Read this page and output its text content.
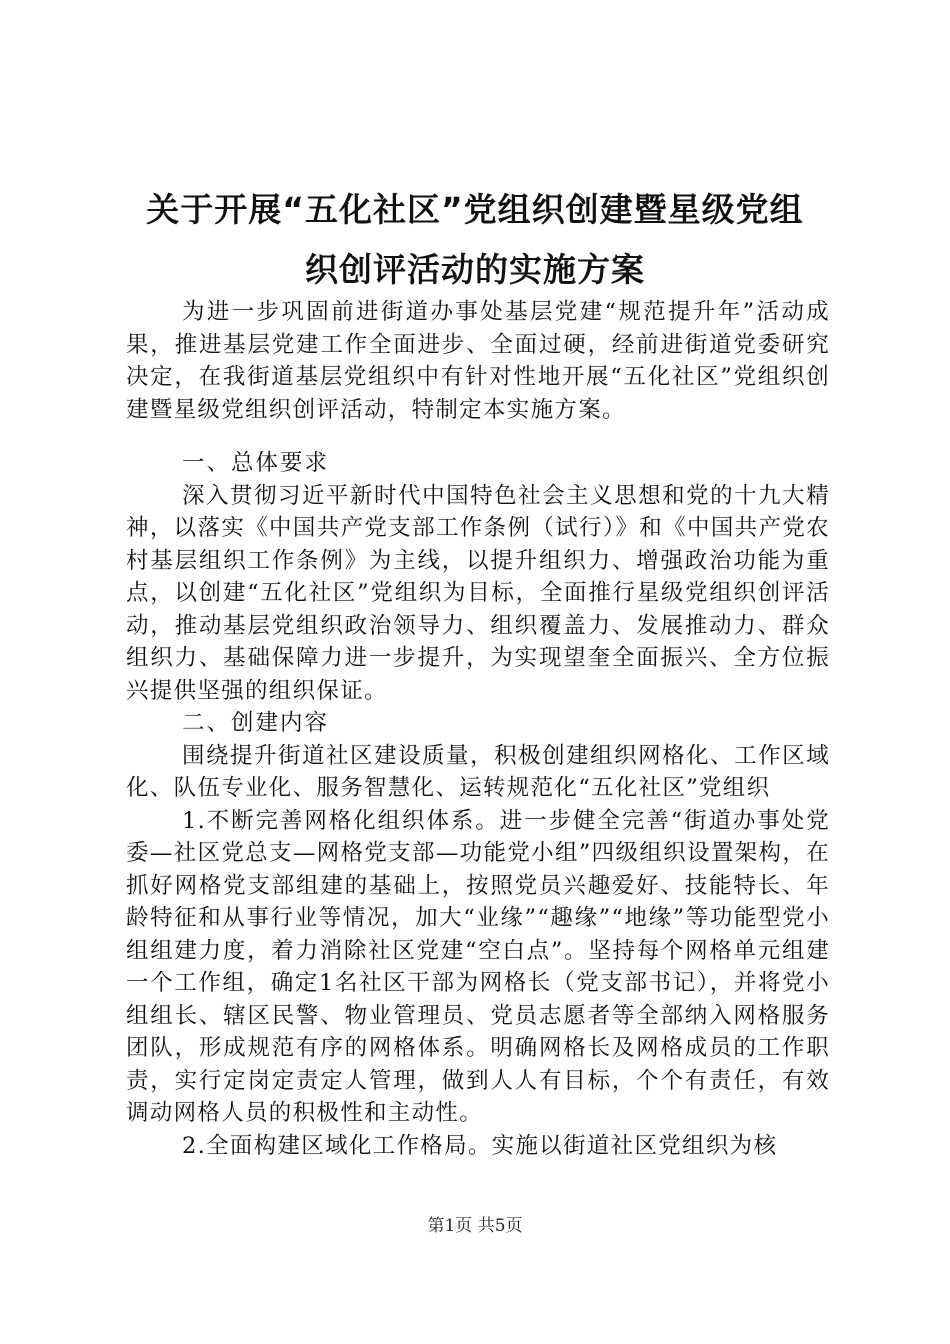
关于开展“五化社区”党组织创建暨星级党组
织创评活动的实施方案

为进一步巩固前进街道办事处基层党建“规范提升年”活动成果，推进基层党建工作全面进步、全面过硬，经前进街道党委研究决定，在我街道基层党组织中有针对性地开展“五化社区”党组织创建暨星级党组织创评活动，特制定本实施方案。

一、总体要求

深入贯彻习近平新时代中国特色社会主义思想和党的十九大精神，以落实《中国共产党支部工作条例（试行）》和《中国共产党农村基层组织工作条例》为主线，以提升组织力、增强政治功能为重点，以创建“五化社区”党组织为目标，全面推行星级党组织创评活动，推动基层党组织政治领导力、组织覆盖力、发展推动力、群众组织力、基础保障力进一步提升，为实现望奎全面振兴、全方位振兴提供坚强的组织保证。

二、创建内容

围绕提升街道社区建设质量，积极创建组织网格化、工作区域化、队伍专业化、服务智慧化、运转规范化“五化社区”党组织

1.不断完善网格化组织体系。进一步健全完善“街道办事处党委—社区党总支—网格党支部—功能党小组”四级组织设置架构，在抓好网格党支部组建的基础上，按照党员兴趣爱好、技能特长、年龄特征和从事行业等情况，加大“业缘”“趣缘”“地缘”等功能型党小组组建力度，着力消除社区党建“空白点”。坚持每个网格单元组建一个工作组，确定1名社区干部为网格长（党支部书记），并将党小组组长、辖区民警、物业管理员、党员志愿者等全部纳入网格服务团队，形成规范有序的网格体系。明确网格长及网格成员的工作职责，实行定岗定责定人管理，做到人人有目标，个个有责任，有效调动网格人员的积极性和主动性。

2.全面构建区域化工作格局。实施以街道社区党组织为核

第1页 共5页
